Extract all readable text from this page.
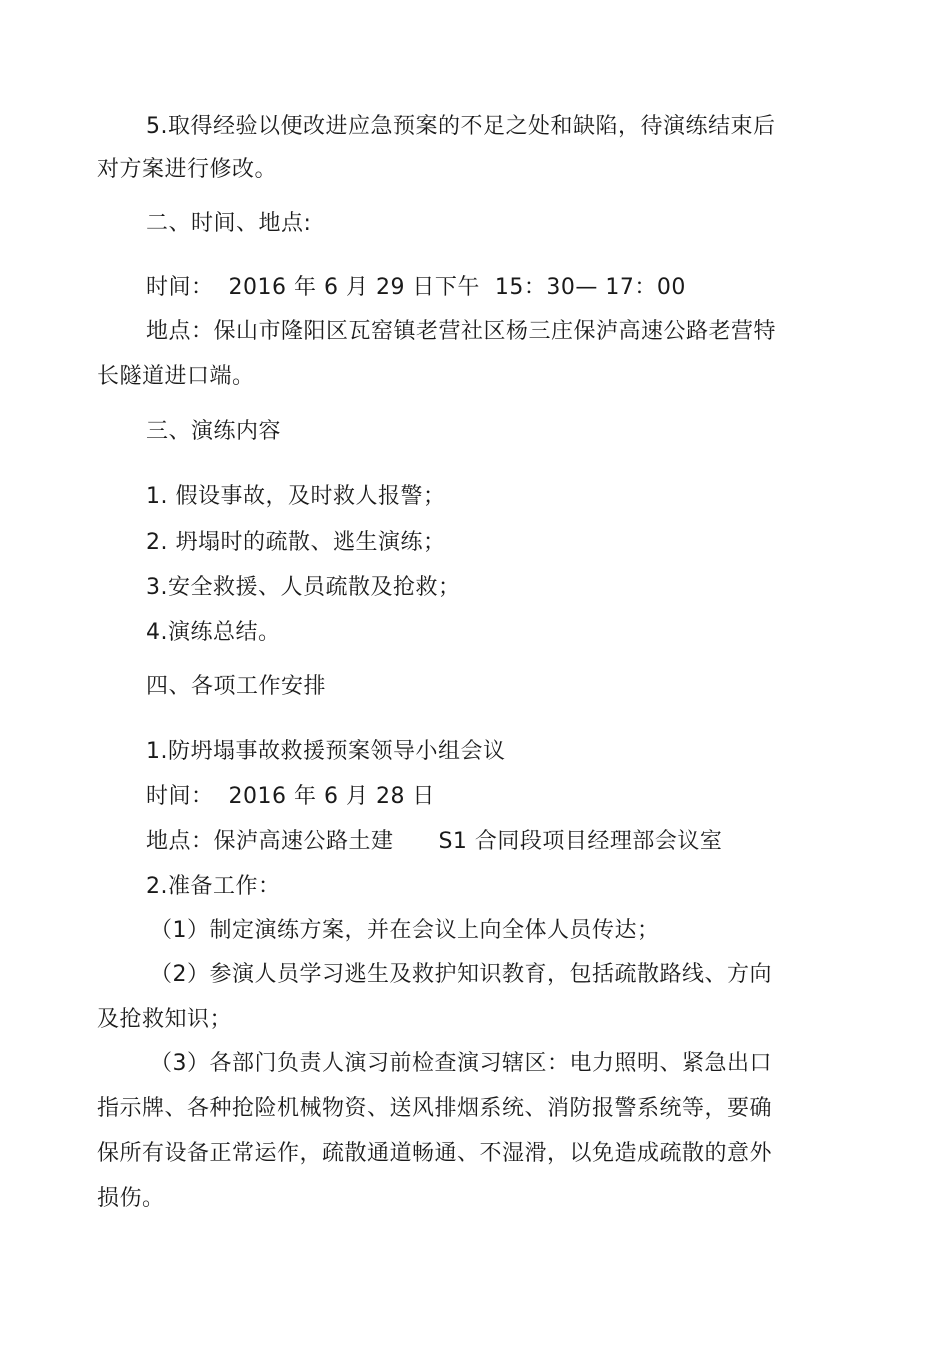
5.取得经验以便改进应急预案的不足之处和缺陷，待演练结束后
对方案进行修改。
二、时间、地点:
时间：  2016 年 6 月 29 日下午  15：30— 17：00
地点：保山市隆阳区瓦窑镇老营社区杨三庄保泸高速公路老营特
长隧道进口端。
三、演练内容
1. 假设事故，及时救人报警；
2. 坍塌时的疏散、逃生演练；
3.安全救援、人员疏散及抢救；
4.演练总结。
四、各项工作安排
1.防坍塌事故救援预案领导小组会议
时间：  2016 年 6 月 28 日
地点：保泸高速公路土建      S1 合同段项目经理部会议室
2.准备工作：
（1）制定演练方案，并在会议上向全体人员传达；
（2）参演人员学习逃生及救护知识教育，包括疏散路线、方向
及抢救知识；
（3）各部门负责人演习前检查演习辖区：电力照明、紧急出口
指示牌、各种抢险机械物资、送风排烟系统、消防报警系统等，要确
保所有设备正常运作，疏散通道畅通、不湿滑，以免造成疏散的意外
损伤。
